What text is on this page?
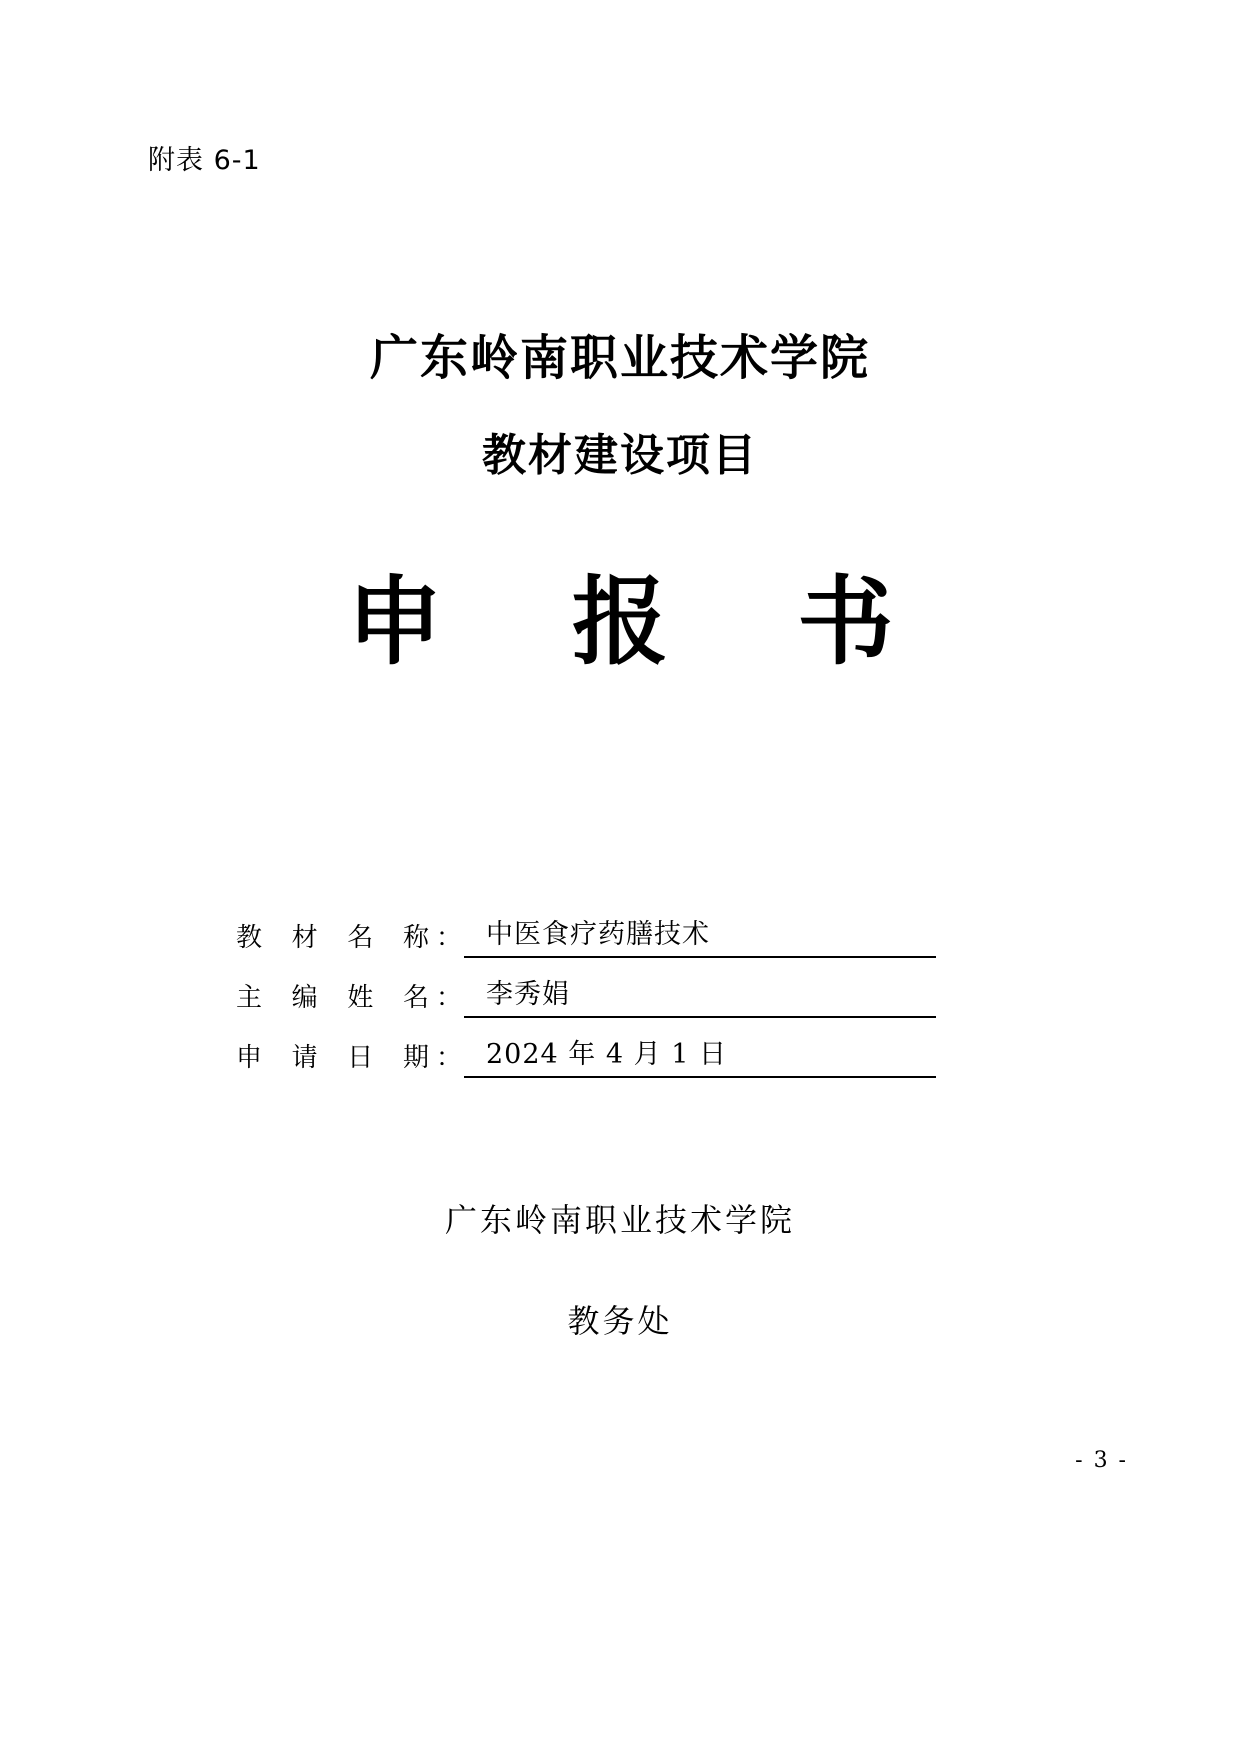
附表 6-1
广东岭南职业技术学院
教材建设项目
申 报 书
教 材 名 称 ： 中医食疗药膳技术
主 编 姓 名 ： 李秀娟
申 请 日 期 ： 2024 年 4 月 1 日
广东岭南职业技术学院
教务处
- 3 -
